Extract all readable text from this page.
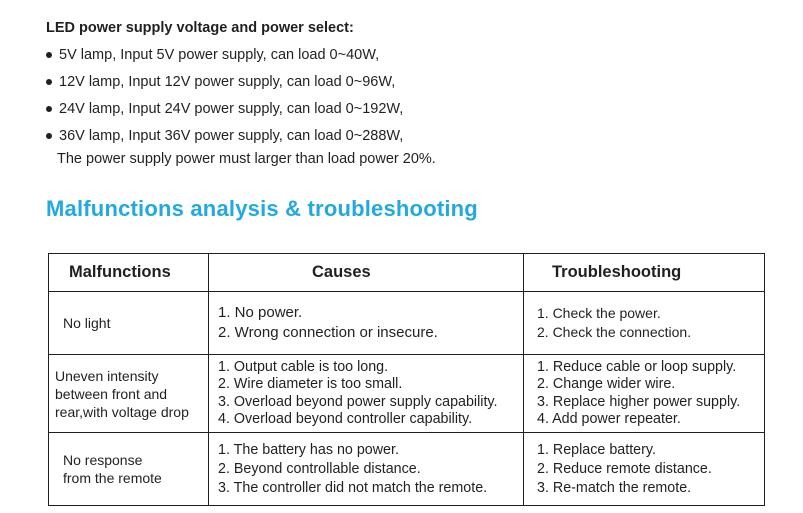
LED power supply voltage and power select:
5V lamp, Input 5V power supply, can load 0~40W,
12V lamp, Input 12V power supply, can load 0~96W,
24V lamp, Input 24V power supply, can load 0~192W,
36V lamp, Input 36V power supply, can load 0~288W,

The power supply power must larger than load power 20%.

Malfunctions analysis & troubleshooting
Malfunctions	Causes	Troubleshooting

No light	1. No power.
2. Wrong connection or insecure.	1. Check the power.
2. Check the connection.

Uneven intensity
between front and
rear,with voltage drop	1. Output cable is too long.
2. Wire diameter is too small.
3. Overload beyond power supply capability.
4. Overload beyond controller capability.	1. Reduce cable or loop supply.
2. Change wider wire.
3. Replace higher power supply.
4. Add power repeater.

No response
from the remote	1. The battery has no power.
2. Beyond controllable distance.
3. The controller did not match the remote.	1. Replace battery.
2. Reduce remote distance.
3. Re-match the remote.
